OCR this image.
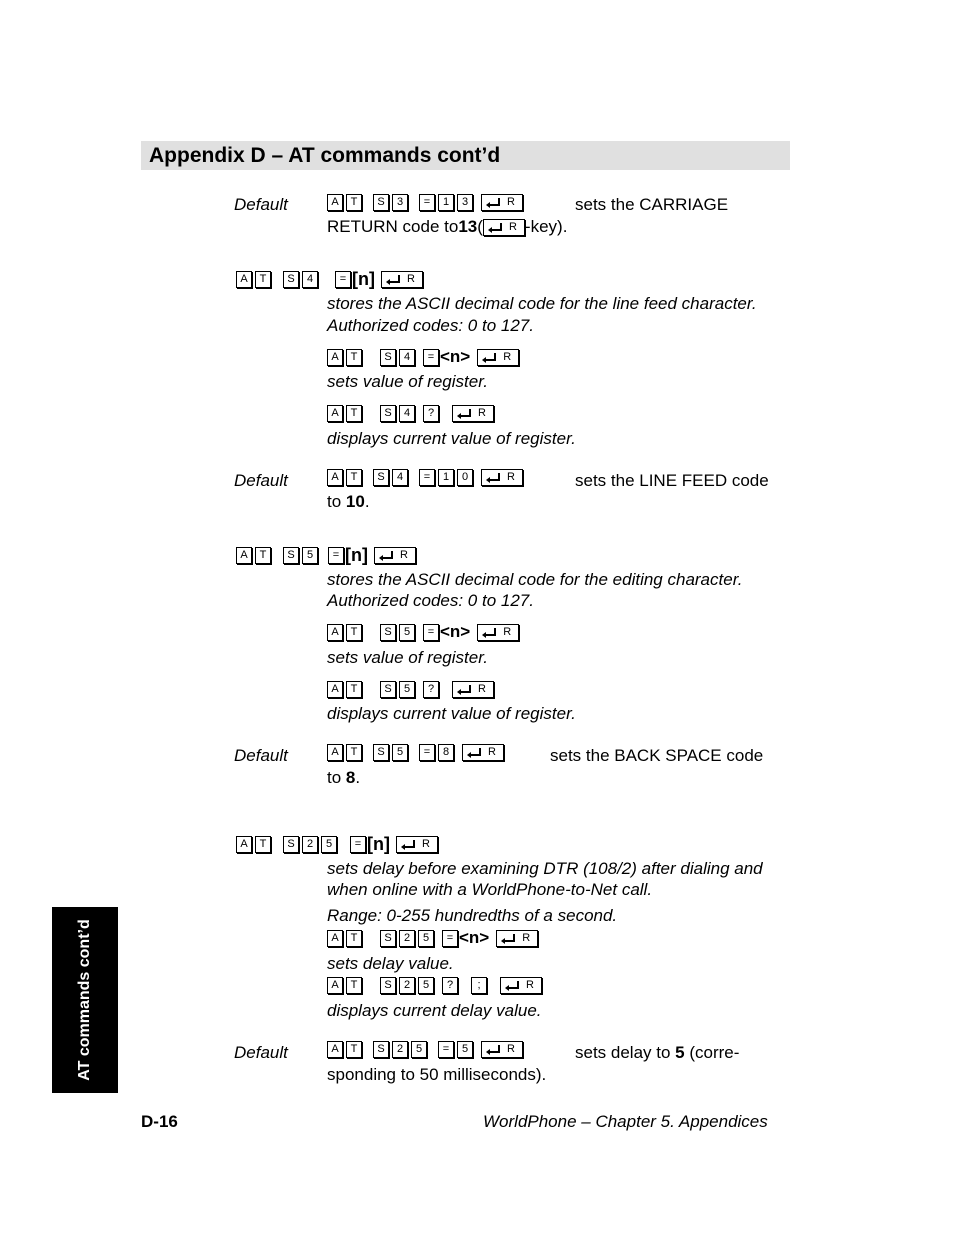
Appendix D – AT commands cont’d
Default	A	T	S	3	=	1	3	R	sets the CARRIAGE
RETURN code to 13 (	R -key).
A	T	S	4	= [n]	R
stores the ASCII decimal code for the line feed character.
Authorized codes: 0 to 127.
A	T	S	4	= <n>	R
sets value of register.
A	T	S	4	?	R
displays current value of register.
Default	A	T	S	4	=	1	0	R	sets the LINE FEED code
to 10.
A	T	S	5	= [n]	R
stores the ASCII decimal code for the editing character.
Authorized codes: 0 to 127.
A	T	S	5	= <n>	R
sets value of register.
A	T	S	5	?	R
displays current value of register.
Default	A	T	S	5	=	8	R	sets the BACK SPACE code
to 8.
A	T	S	2	5	= [n]	R
sets delay before examining DTR (108/2) after dialing and
when online with a WorldPhone-to-Net call.
Range: 0-255 hundredths of a second.
A	T	S	2	5	= <n>	R
sets delay value.
A	T	S	2	5	?	;	R
displays current delay value.
Default	A	T	S	2	5	=	5	R	sets delay to 5 (corre-
sponding to 50 milliseconds).
AT commands cont’d
D-16	WorldPhone – Chapter 5. Appendices
